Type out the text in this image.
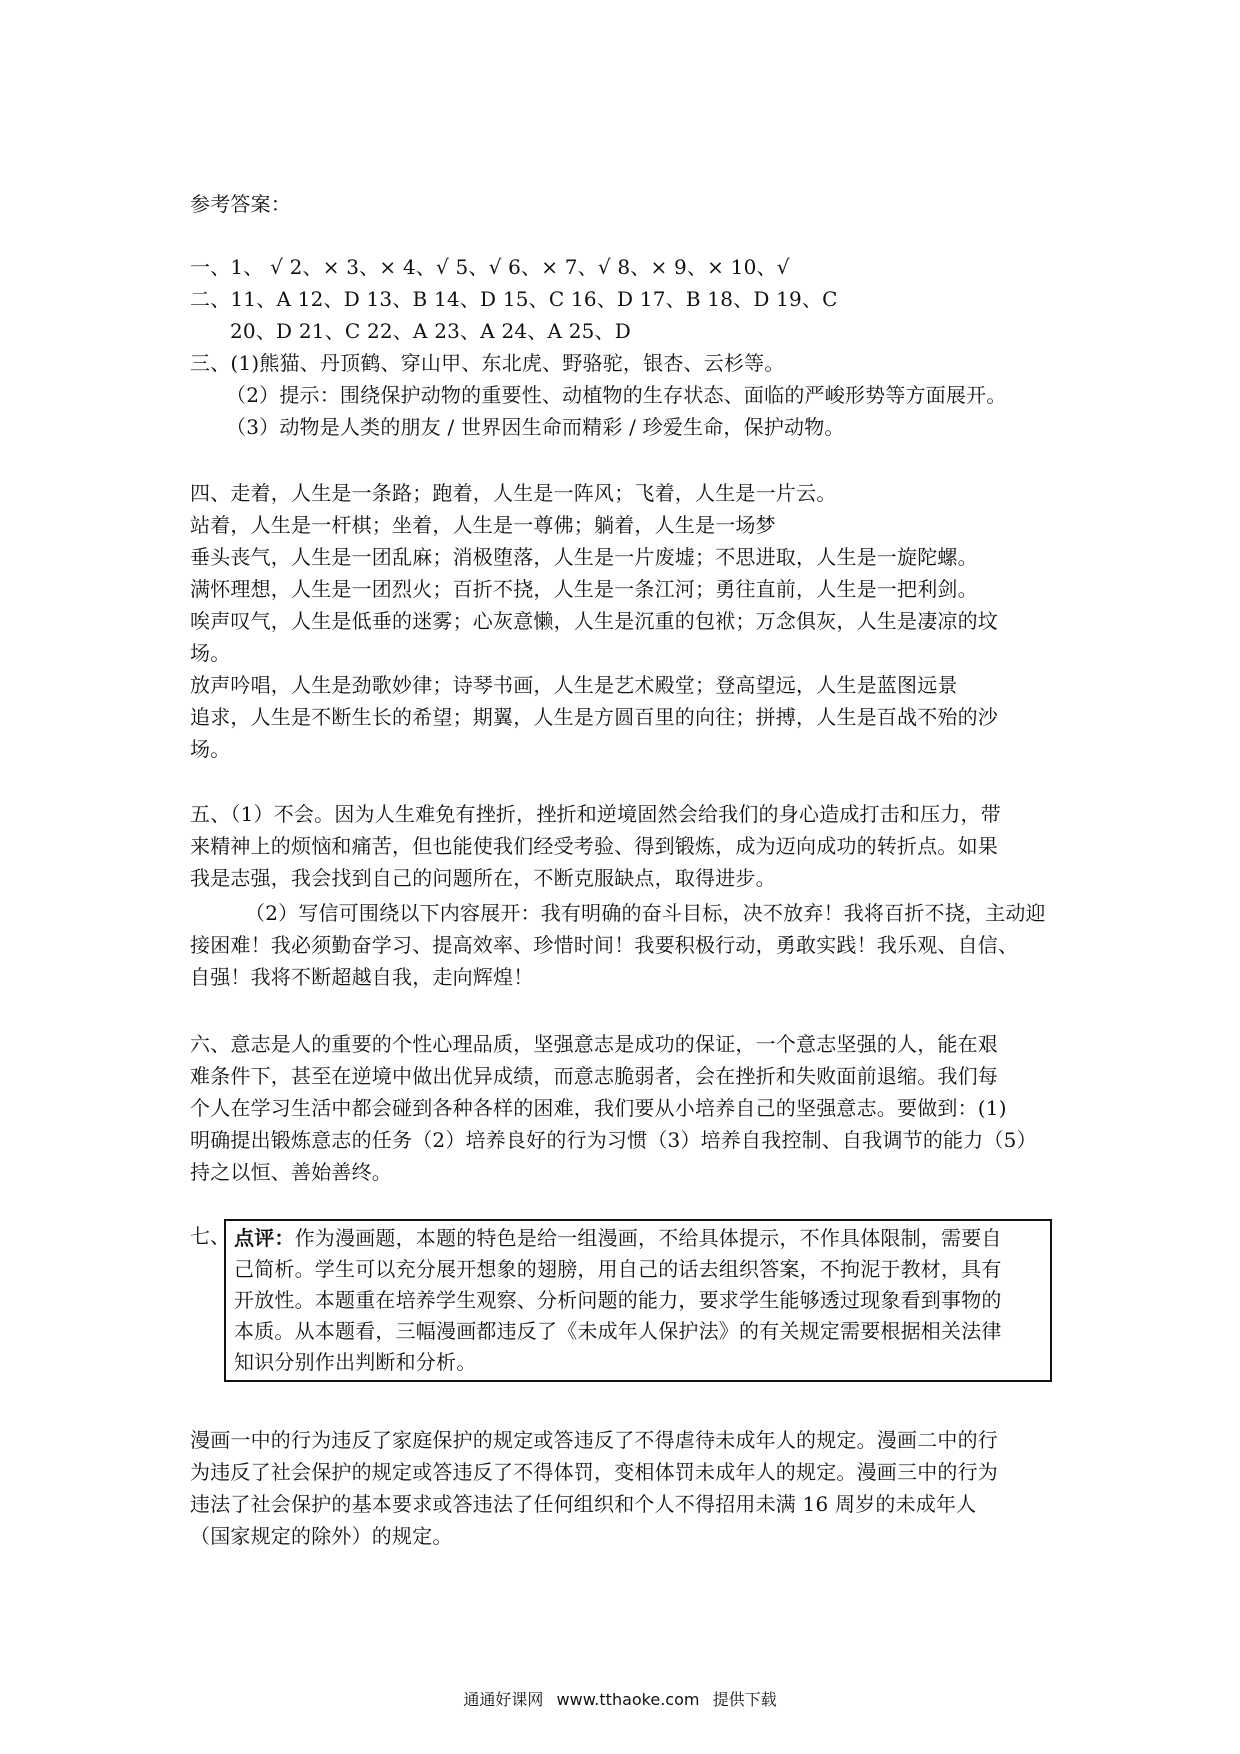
参考答案：
一、1、 √ 2、× 3、× 4、√ 5、√ 6、× 7、√ 8、× 9、× 10、√
二、11、A 12、D 13、B 14、D 15、C 16、D 17、B 18、D 19、C
20、D 21、C 22、A 23、A 24、A 25、D
三、(1)熊猫、丹顶鹤、穿山甲、东北虎、野骆驼，银杏、云杉等。
（2）提示：围绕保护动物的重要性、动植物的生存状态、面临的严峻形势等方面展开。
（3）动物是人类的朋友 / 世界因生命而精彩 / 珍爱生命，保护动物。
四、走着，人生是一条路；跑着，人生是一阵风；飞着，人生是一片云。
站着，人生是一杆棋；坐着，人生是一尊佛；躺着，人生是一场梦
垂头丧气，人生是一团乱麻；消极堕落，人生是一片废墟；不思进取，人生是一旋陀螺。
满怀理想，人生是一团烈火；百折不挠，人生是一条江河；勇往直前，人生是一把利剑。
唉声叹气，人生是低垂的迷雾；心灰意懒，人生是沉重的包袱；万念俱灰，人生是凄凉的坟
场。
放声吟唱，人生是劲歌妙律；诗琴书画，人生是艺术殿堂；登高望远，人生是蓝图远景
追求，人生是不断生长的希望；期翼，人生是方圆百里的向往；拼搏，人生是百战不殆的沙
场。
五、（1）不会。因为人生难免有挫折，挫折和逆境固然会给我们的身心造成打击和压力，带
来精神上的烦恼和痛苦，但也能使我们经受考验、得到锻炼，成为迈向成功的转折点。如果
我是志强，我会找到自己的问题所在，不断克服缺点，取得进步。
（2）写信可围绕以下内容展开：我有明确的奋斗目标，决不放弃！我将百折不挠，主动迎
接困难！我必须勤奋学习、提高效率、珍惜时间！我要积极行动，勇敢实践！我乐观、自信、
自强！我将不断超越自我，走向辉煌！
六、意志是人的重要的个性心理品质，坚强意志是成功的保证，一个意志坚强的人，能在艰
难条件下，甚至在逆境中做出优异成绩，而意志脆弱者，会在挫折和失败面前退缩。我们每
个人在学习生活中都会碰到各种各样的困难，我们要从小培养自己的坚强意志。要做到：(1)
明确提出锻炼意志的任务（2）培养良好的行为习惯（3）培养自我控制、自我调节的能力（5）
持之以恒、善始善终。
七、 点评：作为漫画题，本题的特色是给一组漫画，不给具体提示，不作具体限制，需要自
己简析。学生可以充分展开想象的翅膀，用自己的话去组织答案，不拘泥于教材，具有
开放性。本题重在培养学生观察、分析问题的能力，要求学生能够透过现象看到事物的
本质。从本题看，三幅漫画都违反了《未成年人保护法》的有关规定需要根据相关法律
知识分别作出判断和分析。
漫画一中的行为违反了家庭保护的规定或答违反了不得虐待未成年人的规定。漫画二中的行
为违反了社会保护的规定或答违反了不得体罚，变相体罚未成年人的规定。漫画三中的行为
违法了社会保护的基本要求或答违法了任何组织和个人不得招用未满 16 周岁的未成年人
（国家规定的除外）的规定。
通通好课网 www.tthaoke.com 提供下载
